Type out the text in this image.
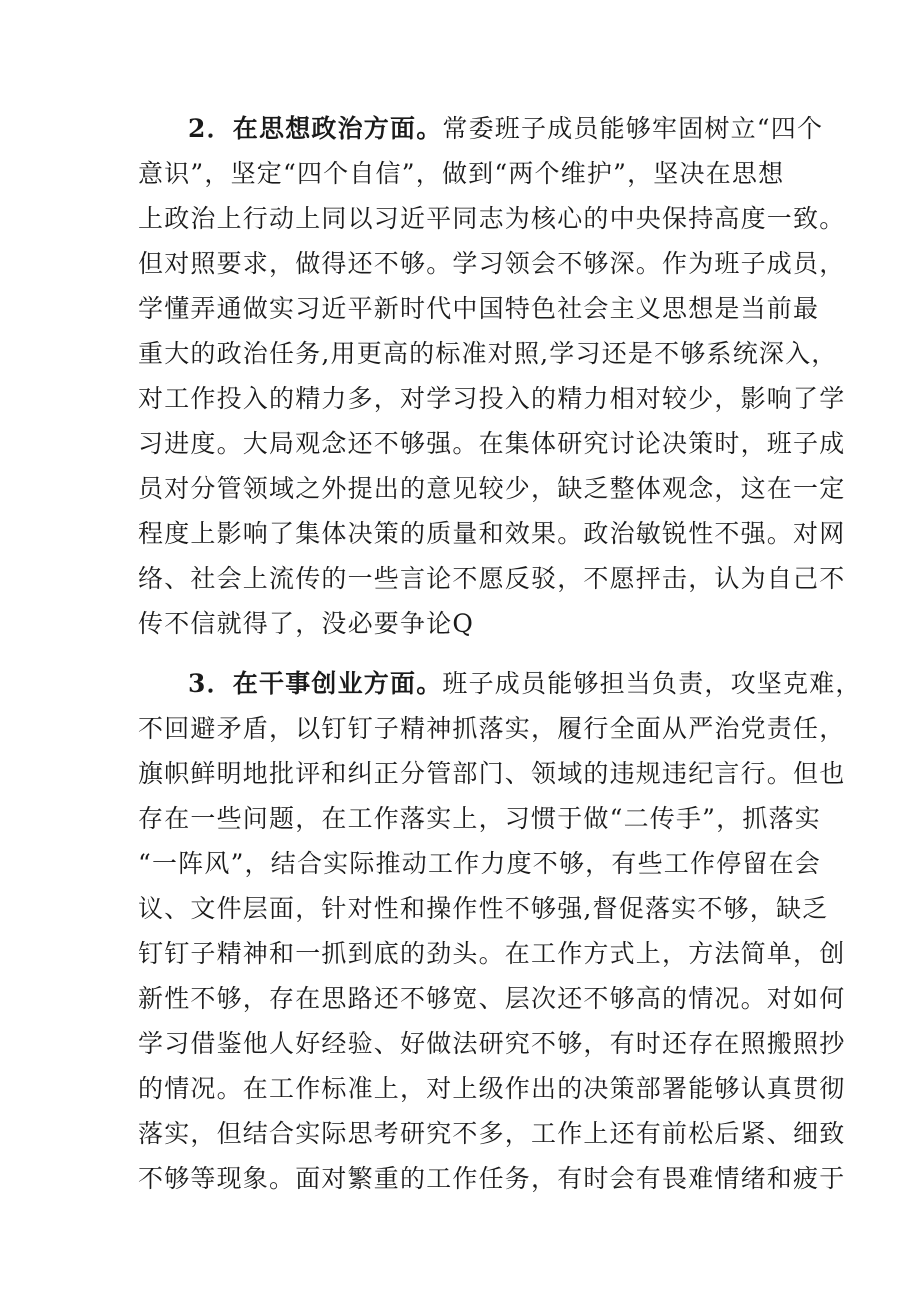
2．在思想政治方面。常委班子成员能够牢固树立“四个
意识”，坚定“四个自信”，做到“两个维护”，坚决在思想
上政治上行动上同以习近平同志为核心的中央保持高度一致。
但对照要求，做得还不够。学习领会不够深。作为班子成员，
学懂弄通做实习近平新时代中国特色社会主义思想是当前最
重大的政治任务,用更高的标准对照,学习还是不够系统深入，
对工作投入的精力多，对学习投入的精力相对较少，影响了学
习进度。大局观念还不够强。在集体研究讨论决策时，班子成
员对分管领域之外提出的意见较少，缺乏整体观念，这在一定
程度上影响了集体决策的质量和效果。政治敏锐性不强。对网
络、社会上流传的一些言论不愿反驳，不愿抨击，认为自己不
传不信就得了，没必要争论Q
3．在干事创业方面。班子成员能够担当负责，攻坚克难，
不回避矛盾，以钉钉子精神抓落实，履行全面从严治党责任，
旗帜鲜明地批评和纠正分管部门、领域的违规违纪言行。但也
存在一些问题，在工作落实上，习惯于做“二传手”，抓落实
“一阵风”，结合实际推动工作力度不够，有些工作停留在会
议、文件层面，针对性和操作性不够强,督促落实不够，缺乏
钉钉子精神和一抓到底的劲头。在工作方式上，方法简单，创
新性不够，存在思路还不够宽、层次还不够高的情况。对如何
学习借鉴他人好经验、好做法研究不够，有时还存在照搬照抄
的情况。在工作标准上，对上级作出的决策部署能够认真贯彻
落实，但结合实际思考研究不多，工作上还有前松后紧、细致
不够等现象。面对繁重的工作任务，有时会有畏难情绪和疲于
